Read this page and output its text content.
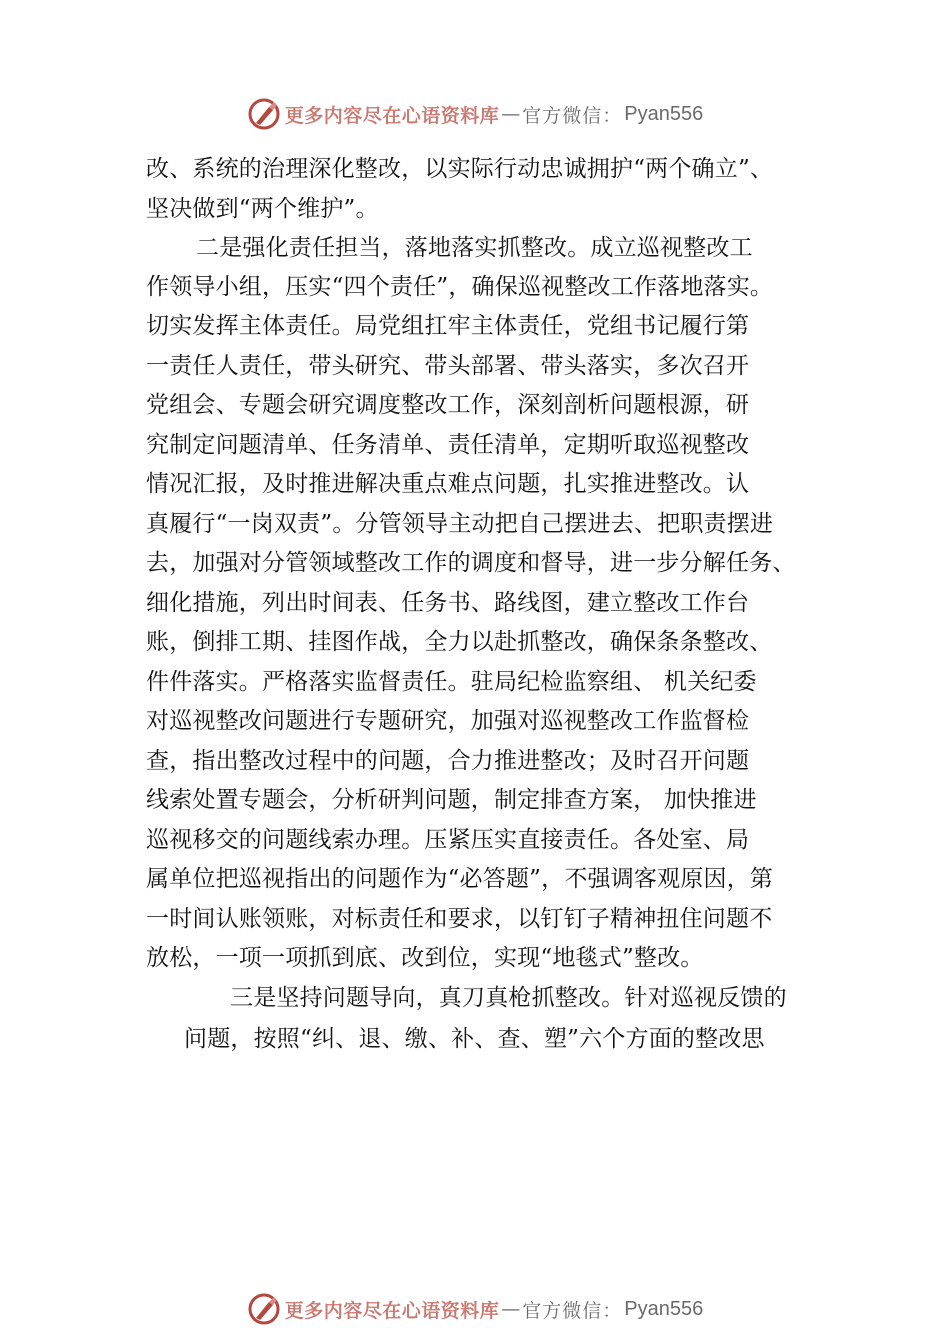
更多内容尽在心语资料库 — 官方微信： Pyan556
改、系统的治理深化整改，以实际行动忠诚拥护“两个确立”、
坚决做到“两个维护”。
二是强化责任担当，落地落实抓整改。成立巡视整改工
作领导小组，压实“四个责任”，确保巡视整改工作落地落实。
切实发挥主体责任。局党组扛牢主体责任，党组书记履行第
一责任人责任，带头研究、带头部署、带头落实，多次召开
党组会、专题会研究调度整改工作，深刻剖析问题根源，研
究制定问题清单、任务清单、责任清单，定期听取巡视整改
情况汇报，及时推进解决重点难点问题，扎实推进整改。认
真履行“一岗双责”。分管领导主动把自己摆进去、把职责摆进
去，加强对分管领域整改工作的调度和督导，进一步分解任务、
细化措施，列出时间表、任务书、路线图，建立整改工作台
账，倒排工期、挂图作战，全力以赴抓整改，确保条条整改、
件件落实。严格落实监督责任。驻局纪检监察组、 机关纪委
对巡视整改问题进行专题研究，加强对巡视整改工作监督检
查，指出整改过程中的问题，合力推进整改；及时召开问题
线索处置专题会，分析研判问题，制定排查方案， 加快推进
巡视移交的问题线索办理。压紧压实直接责任。各处室、局
属单位把巡视指出的问题作为“必答题”，不强调客观原因，第
一时间认账领账，对标责任和要求，以钉钉子精神扭住问题不
放松，一项一项抓到底、改到位，实现“地毯式”整改。
三是坚持问题导向，真刀真枪抓整改。针对巡视反馈的
问题，按照“纠、退、缴、补、查、塑”六个方面的整改思
更多内容尽在心语资料库 — 官方微信： Pyan556
